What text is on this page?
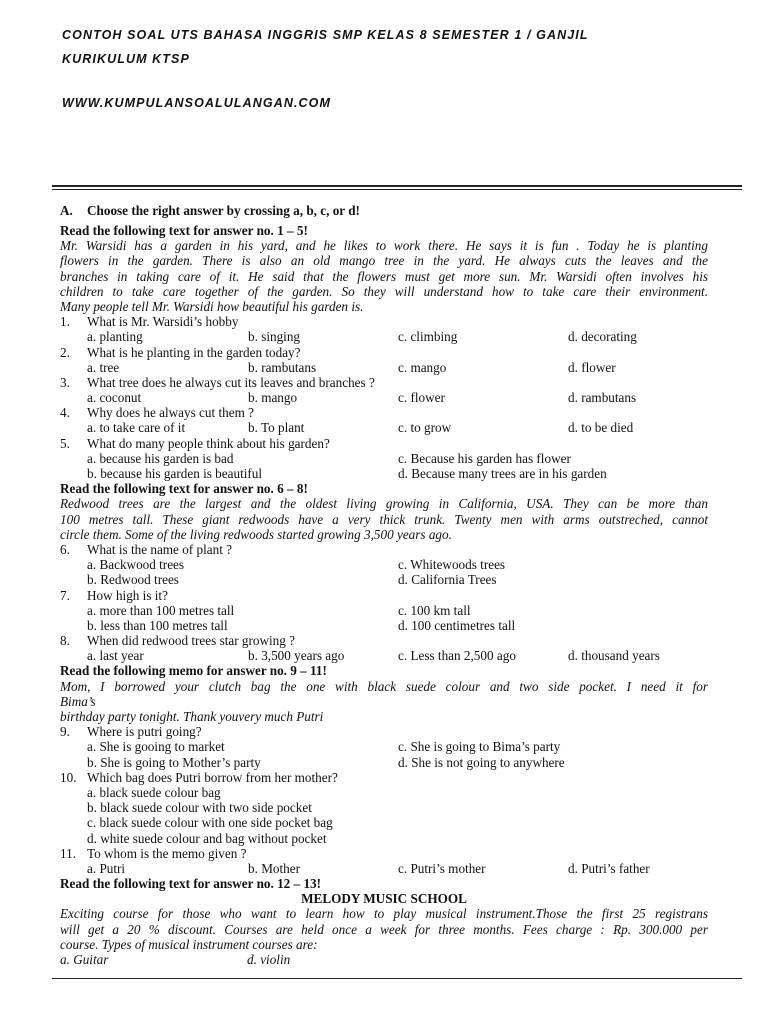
CONTOH SOAL UTS BAHASA INGGRIS SMP KELAS 8 SEMESTER 1 / GANJIL
KURIKULUM KTSP
WWW.KUMPULANSOALULANGAN.COM
A. Choose the right answer by crossing a, b, c, or d!
Read the following text for answer no. 1 – 5!
Mr. Warsidi has a garden in his yard, and he likes to work there. He says it is fun . Today he is planting
flowers in the garden. There is also an old mango tree in the yard. He always cuts the leaves and the
branches in taking care of it. He said that the flowers must get more sun. Mr. Warsidi often involves his
children to take care together of the garden. So they will understand how to take care their environment.
Many people tell Mr. Warsidi how beautiful his garden is.
1. What is Mr. Warsidi’s hobby
a. planting	b. singing	c. climbing	d. decorating
2. What is he planting in the garden today?
a. tree	b. rambutans	c. mango	d. flower
3. What tree does he always cut its leaves and branches ?
a. coconut	b. mango	c. flower	d. rambutans
4. Why does he always cut them ?
a. to take care of it	b. To plant	c. to grow	d. to be died
5. What do many people think about his garden?
a. because his garden is bad	c. Because his garden has flower
b. because his garden is beautiful	d. Because many trees are in his garden
Read the following text for answer no. 6 – 8!
Redwood trees are the largest and the oldest living growing in California, USA. They can be more than
100 metres tall. These giant redwoods have a very thick trunk. Twenty men with arms outstreched, cannot
circle them. Some of the living redwoods started growing 3,500 years ago.
6. What is the name of plant ?
a. Backwood trees	c. Whitewoods trees
b. Redwood trees	d. California Trees
7. How high is it?
a. more than 100 metres tall	c. 100 km tall
b. less than 100 metres tall	d. 100 centimetres tall
8. When did redwood trees star growing ?
a. last year	b. 3,500 years ago	c. Less than 2,500 ago	d. thousand years
Read the following memo for answer no. 9 – 11!
Mom, I borrowed your clutch bag the one with black suede colour and two side pocket. I need it for
Bima’s
birthday party tonight. Thank youvery much Putri
9. Where is putri going?
a. She is gooing to market	c. She is going to Bima’s party
b. She is going to Mother’s party	d. She is not going to anywhere
10. Which bag does Putri borrow from her mother?
a. black suede colour bag
b. black suede colour with two side pocket
c. black suede colour with one side pocket bag
d. white suede colour and bag without pocket
11. To whom is the memo given ?
a. Putri	b. Mother	c. Putri’s mother	d. Putri’s father
Read the following text for answer no. 12 – 13!
MELODY MUSIC SCHOOL
Exciting course for those who want to learn how to play musical instrument.Those the first 25 registrans
will get a 20 % discount. Courses are held once a week for three months. Fees charge : Rp. 300.000 per
course. Types of musical instrument courses are:
a. Guitar	d. violin
